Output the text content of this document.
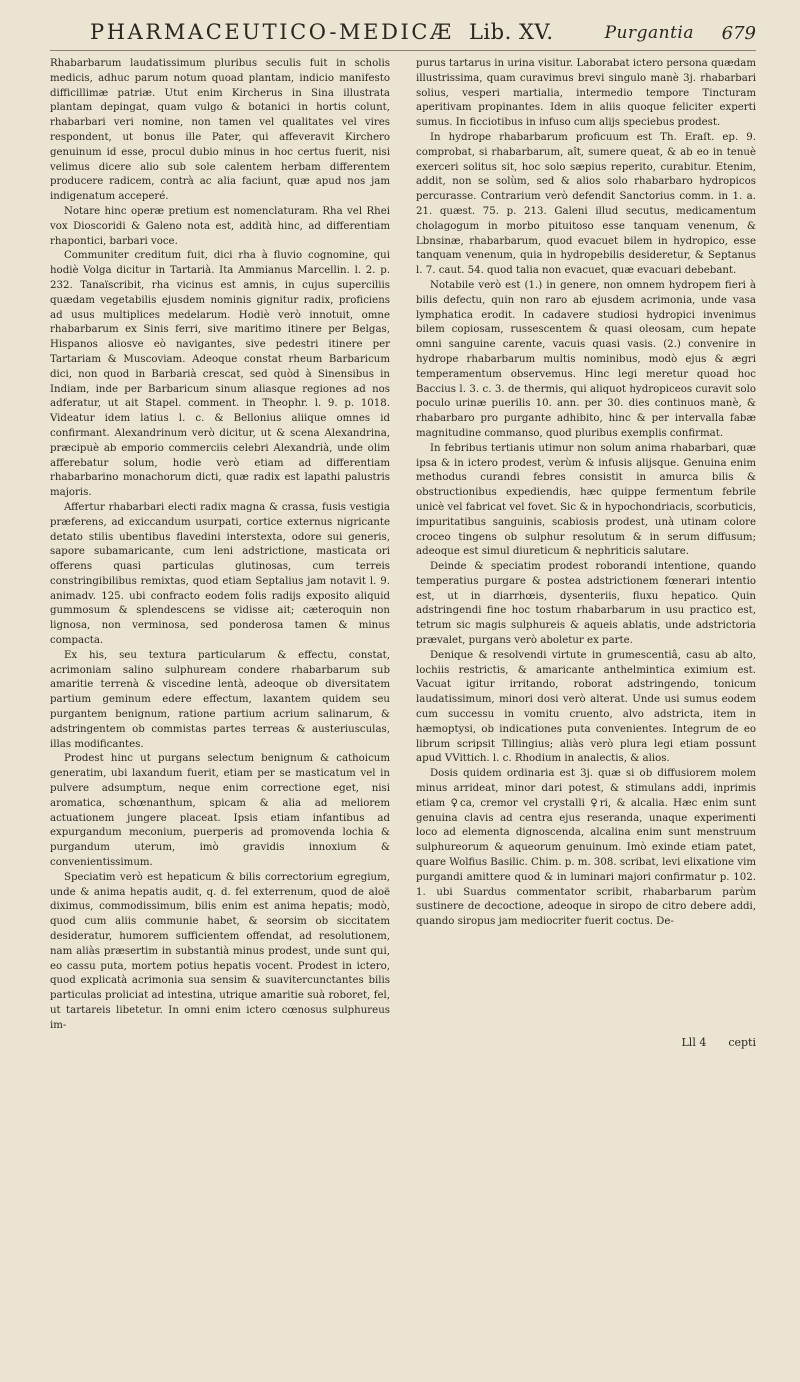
PHARMACEUTICO-MEDICÆ Lib. XV.	Purgantia 679

Rhabarbarum laudatissimum pluribus seculis fuit in scholis medicis, adhuc parum notum quoad plantam, indicio manifesto difficillimæ patriæ. Utut enim Kircherus in Sina illustrata plantam depingat, quam vulgo & botanici in hortis colunt, rhabarbari veri nomine, non tamen vel qualitates vel vires respondent, ut bonus ille Pater, qui affeveravit Kirchero genuinum id esse, procul dubio minus in hoc certus fuerit, nisi velimus dicere alio sub sole calentem herbam differentem producere radicem, contrà ac alia faciunt, quæ apud nos jam indigenatum acceperé.

Notare hinc operæ pretium est nomenclaturam. Rha vel Rhei vox Dioscoridi & Galeno nota est, addità hinc, ad differentiam rhapontici, barbari voce.

Communiter creditum fuit, dici rha à fluvio cognomine, qui hodiè Volga dicitur in Tartarià. Ita Ammianus Marcellin. l. 2. p. 232. Tanaïscribit, rha vicinus est amnis, in cujus superciliis quædam vegetabilis ejusdem nominis gignitur radix, proficiens ad usus multiplices medelarum. Hodiè verò innotuit, omne rhabarbarum ex Sinis ferri, sive maritimo itinere per Belgas, Hispanos aliosve eò navigantes, sive pedestri itinere per Tartariam & Muscoviam. Adeoque constat rheum Barbaricum dici, non quod in Barbarià crescat, sed quòd à Sinensibus in Indiam, inde per Barbaricum sinum aliasque regiones ad nos adferatur, ut ait Stapel. comment. in Theophr. l. 9. p. 1018. Videatur idem latius l. c. & Bellonius aliique omnes id confirmant. Alexandrinum verò dicitur, ut & scena Alexandrina, præcipuè ab emporio commerciis celebri Alexandrià, unde olim afferebatur solum, hodie verò etiam ad differentiam rhabarbarino monachorum dicti, quæ radix est lapathi palustris majoris.

Affertur rhabarbari electi radix magna & crassa, fusis vestigia præferens, ad exiccandum usurpati, cortice externus nigricante detato stilis ubentibus flavedini interstexta, odore sui generis, sapore subamaricante, cum leni adstrictione, masticata ori offerens quasi particulas glutinosas, cum terreis constringibilibus remixtas, quod etiam Septalius jam notavit l. 9. animadv. 125. ubi confracto eodem folis radijs exposito aliquid gummosum & splendescens se vidisse ait; cæteroquin non lignosa, non verminosa, sed ponderosa tamen & minus compacta.

Ex his, seu textura particularum & effectu, constat, acrimoniam salino sulphuream condere rhabarbarum sub amaritie terrenà & viscedine lentà, adeoque ob diversitatem partium geminum edere effectum, laxantem quidem seu purgantem benignum, ratione partium acrium salinarum, & adstringentem ob commistas partes terreas & austeriusculas, illas modificantes.

Prodest hinc ut purgans selectum benignum & cathoicum generatim, ubi laxandum fuerit, etiam per se masticatum vel in pulvere adsumptum, neque enim correctione eget, nisi aromatica, schœnanthum, spicam & alia ad meliorem actuationem jungere placeat. Ipsis etiam infantibus ad expurgandum meconium, puerperis ad promovenda lochia & purgandum uterum, imò gravidis innoxium & convenientissimum.

Speciatim verò est hepaticum & bilis correctorium egregium, unde & anima hepatis audit, q. d. fel exterrenum, quod de aloë diximus, commodissimum, bilis enim est anima hepatis; modò, quod cum aliis communie habet, & seorsim ob siccitatem desideratur, humorem sufficientem offendat, ad resolutionem, nam aliàs præsertim in substantià minus prodest, unde sunt qui, eo cassu puta, mortem potius hepatis vocent. Prodest in ictero, quod explicatà acrimonia sua sensim & suavitercunctantes bilis particulas proliciat ad intestina, utrique amaritie suà roboret, fel, ut tartareis libetetur. In omni enim ictero cœnosus sulphureus im-

purus tartarus in urina visitur. Laborabat ictero persona quædam illustrissima, quam curavimus brevi singulo manè 3j. rhabarbari solius, vesperi martialia, intermedio tempore Tincturam aperitivam propinantes. Idem in aliis quoque feliciter experti sumus. In ficciotibus in infuso cum alijs speciebus prodest.

In hydrope rhabarbarum proficuum est Th. Eraſt. ep. 9. comprobat, si rhabarbarum, aît, sumere queat, & ab eo in tenuè exerceri solitus sit, hoc solo sæpius reperito, curabitur. Etenim, addit, non se solùm, sed & alios solo rhabarbaro hydropicos percurasse. Contrarium verò defendit Sanctorius comm. in 1. a. 21. quæst. 75. p. 213. Galeni illud secutus, medicamentum cholagogum in morbo pituitoso esse tanquam venenum, & Lbnsinæ, rhabarbarum, quod evacuet bilem in hydropico, esse tanquam venenum, quia in hydropebilis desideretur, & Septanus l. 7. caut. 54. quod talia non evacuet, quæ evacuari debebant.

Notabile verò est (1.) in genere, non omnem hydropem fieri à bilis defectu, quin non raro ab ejusdem acrimonia, unde vasa lymphatica erodit. In cadavere studiosi hydropici invenimus bilem copiosam, russescentem & quasi oleosam, cum hepate omni sanguine carente, vacuis quasi vasis. (2.) convenire in hydrope rhabarbarum multis nominibus, modò ejus & ægri temperamentum observemus. Hinc legi meretur quoad hoc Baccius l. 3. c. 3. de thermis, qui aliquot hydropiceos curavit solo poculo urinæ puerilis 10. ann. per 30. dies continuos manè, & rhabarbaro pro purgante adhibito, hinc & per intervalla fabæ magnitudine commanso, quod pluribus exemplis confirmat.

In febribus tertianis utimur non solum anima rhabarbari, quæ ipsa & in ictero prodest, verùm & infusis alijsque. Genuina enim methodus curandi febres consistit in amurca bilis & obstructionibus expediendis, hæc quippe fermentum febrile unicè vel fabricat vel fovet. Sic & in hypochondriacis, scorbuticis, impuritatibus sanguinis, scabiosis prodest, unà utinam colore croceo tingens ob sulphur resolutum & in serum diffusum; adeoque est simul diureticum & nephriticis salutare.

Deinde & speciatim prodest roborandi intentione, quando temperatius purgare & postea adstrictionem fœnerari intentio est, ut in diarrhœis, dysenteriis, fluxu hepatico. Quin adstringendi fine hoc tostum rhabarbarum in usu practico est, tetrum sic magis sulphureis & aqueis ablatis, unde adstrictoria prævalet, purgans verò aboletur ex parte.

Denique & resolvendi virtute in grumescentiâ, casu ab alto, lochiis restrictis, & amaricante anthelmintica eximium est. Vacuat igitur irritando, roborat adstringendo, tonicum laudatissimum, minori dosi verò alterat. Unde usi sumus eodem cum successu in vomitu cruento, alvo adstricta, item in hæmoptysi, ob indicationes puta convenientes. Integrum de eo librum scripsit Tillingius; aliàs verò plura legi etiam possunt apud VVittich. l. c. Rhodium in analectis, & alios.

Dosis quidem ordinaria est 3j. quæ si ob diffusiorem molem minus arrideat, minor dari potest, & stimulans addi, inprimis etiam ♀ca, cremor vel crystalli ♀ri, & alcalia. Hæc enim sunt genuina clavis ad centra ejus reseranda, unaque experimenti loco ad elementa dignoscenda, alcalina enim sunt menstruum sulphureorum & aqueorum genuinum. Imò exinde etiam patet, quare Wolfius Basilic. Chim. p. m. 308. scribat, levi elixatione vim purgandi amittere quod & in luminari majori confirmatur p. 102. 1. ubi Suardus commentator scribit, rhabarbarum parùm sustinere de decoctione, adeoque in siropo de citro debere addi, quando siropus jam mediocriter fuerit coctus. De-

Lll 4 cepti
